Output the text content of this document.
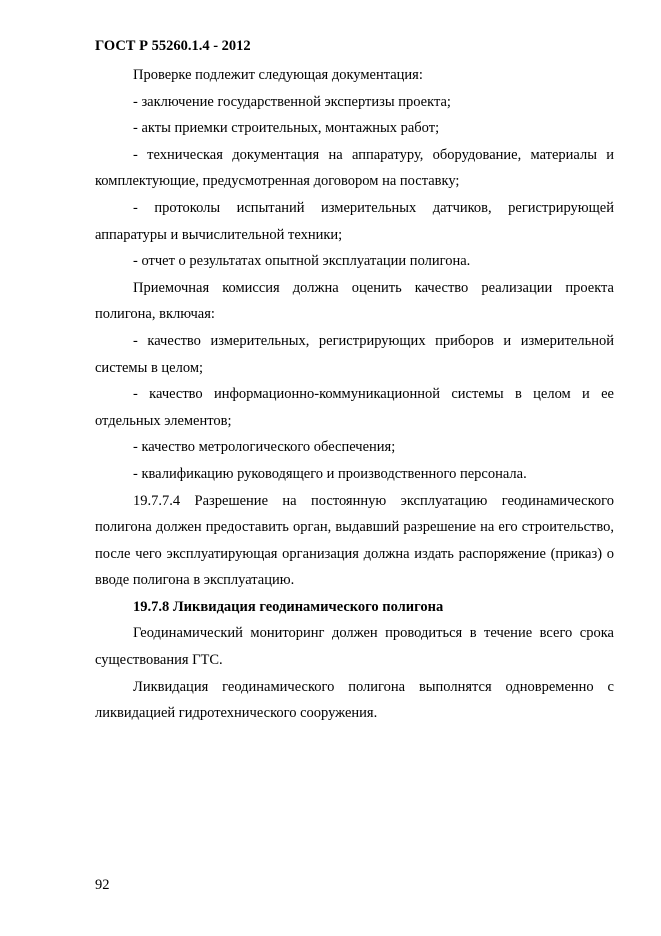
ГОСТ Р 55260.1.4 - 2012

Проверке подлежит следующая документация:

- заключение государственной экспертизы проекта;

- акты приемки строительных, монтажных работ;

- техническая документация на аппаратуру, оборудование, материалы и комплектующие, предусмотренная договором на поставку;

- протоколы испытаний измерительных датчиков, регистрирующей аппаратуры и вычислительной техники;

- отчет о результатах опытной эксплуатации полигона.

Приемочная комиссия должна оценить качество реализации проекта полигона, включая:

- качество измерительных, регистрирующих приборов и измерительной системы в целом;

- качество информационно-коммуникационной системы в целом и ее отдельных элементов;

- качество метрологического обеспечения;

- квалификацию руководящего и производственного персонала.

19.7.7.4 Разрешение на постоянную эксплуатацию геодинамического полигона должен предоставить орган, выдавший разрешение на его строительство, после чего эксплуатирующая организация должна издать распоряжение (приказ) о вводе полигона в эксплуатацию.

19.7.8 Ликвидация геодинамического полигона

Геодинамический мониторинг должен проводиться в течение всего срока существования ГТС.

Ликвидация геодинамического полигона выполнятся одновременно с ликвидацией гидротехнического сооружения.

92
